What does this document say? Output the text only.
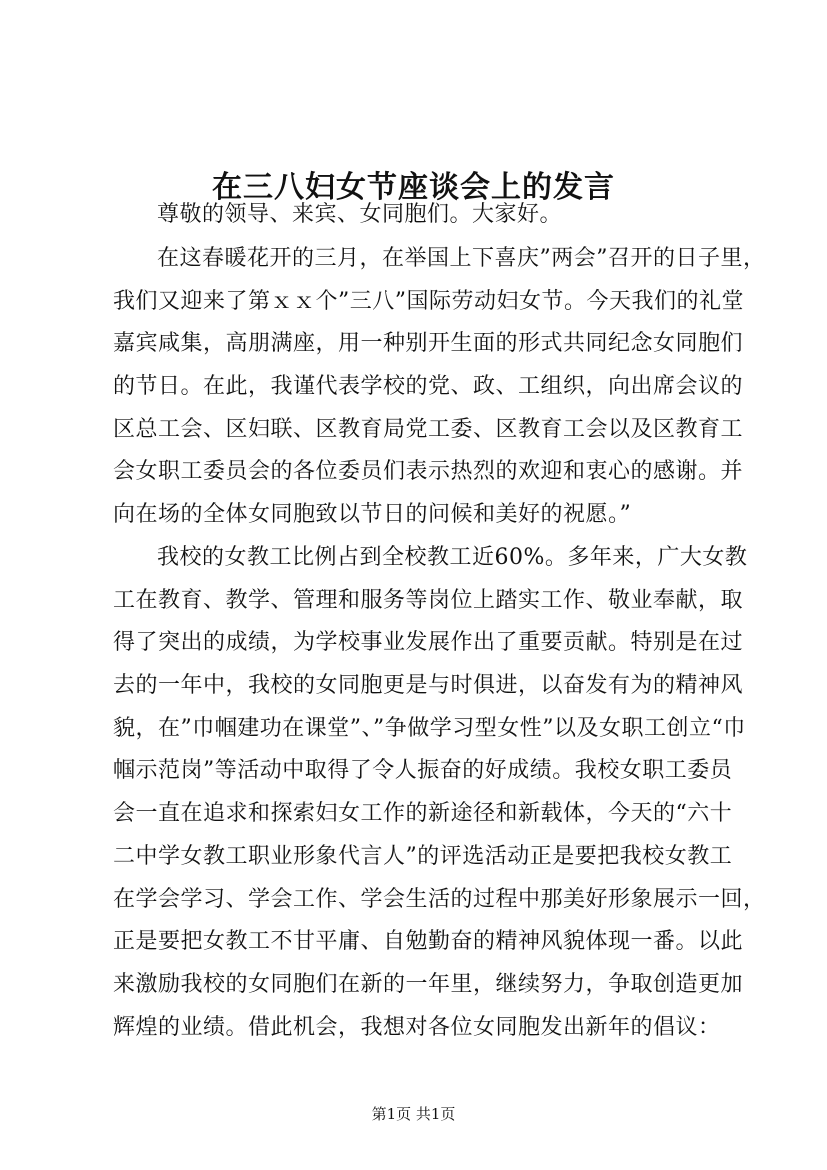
在三八妇女节座谈会上的发言
尊敬的领导、来宾、女同胞们。大家好。
在这春暖花开的三月，在举国上下喜庆”两会”召开的日子里，
我们又迎来了第ｘｘ个”三八”国际劳动妇女节。今天我们的礼堂
嘉宾咸集，高朋满座，用一种别开生面的形式共同纪念女同胞们
的节日。在此，我谨代表学校的党、政、工组织，向出席会议的
区总工会、区妇联、区教育局党工委、区教育工会以及区教育工
会女职工委员会的各位委员们表示热烈的欢迎和衷心的感谢。并
向在场的全体女同胞致以节日的问候和美好的祝愿。”
我校的女教工比例占到全校教工近60%。多年来，广大女教
工在教育、教学、管理和服务等岗位上踏实工作、敬业奉献，取
得了突出的成绩，为学校事业发展作出了重要贡献。特别是在过
去的一年中，我校的女同胞更是与时俱进，以奋发有为的精神风
貌，在”巾帼建功在课堂”、”争做学习型女性”以及女职工创立“巾
帼示范岗”等活动中取得了令人振奋的好成绩。我校女职工委员
会一直在追求和探索妇女工作的新途径和新载体，今天的“六十
二中学女教工职业形象代言人”的评选活动正是要把我校女教工
在学会学习、学会工作、学会生活的过程中那美好形象展示一回，
正是要把女教工不甘平庸、自勉勤奋的精神风貌体现一番。以此
来激励我校的女同胞们在新的一年里，继续努力，争取创造更加
辉煌的业绩。借此机会，我想对各位女同胞发出新年的倡议：
第1页 共1页
